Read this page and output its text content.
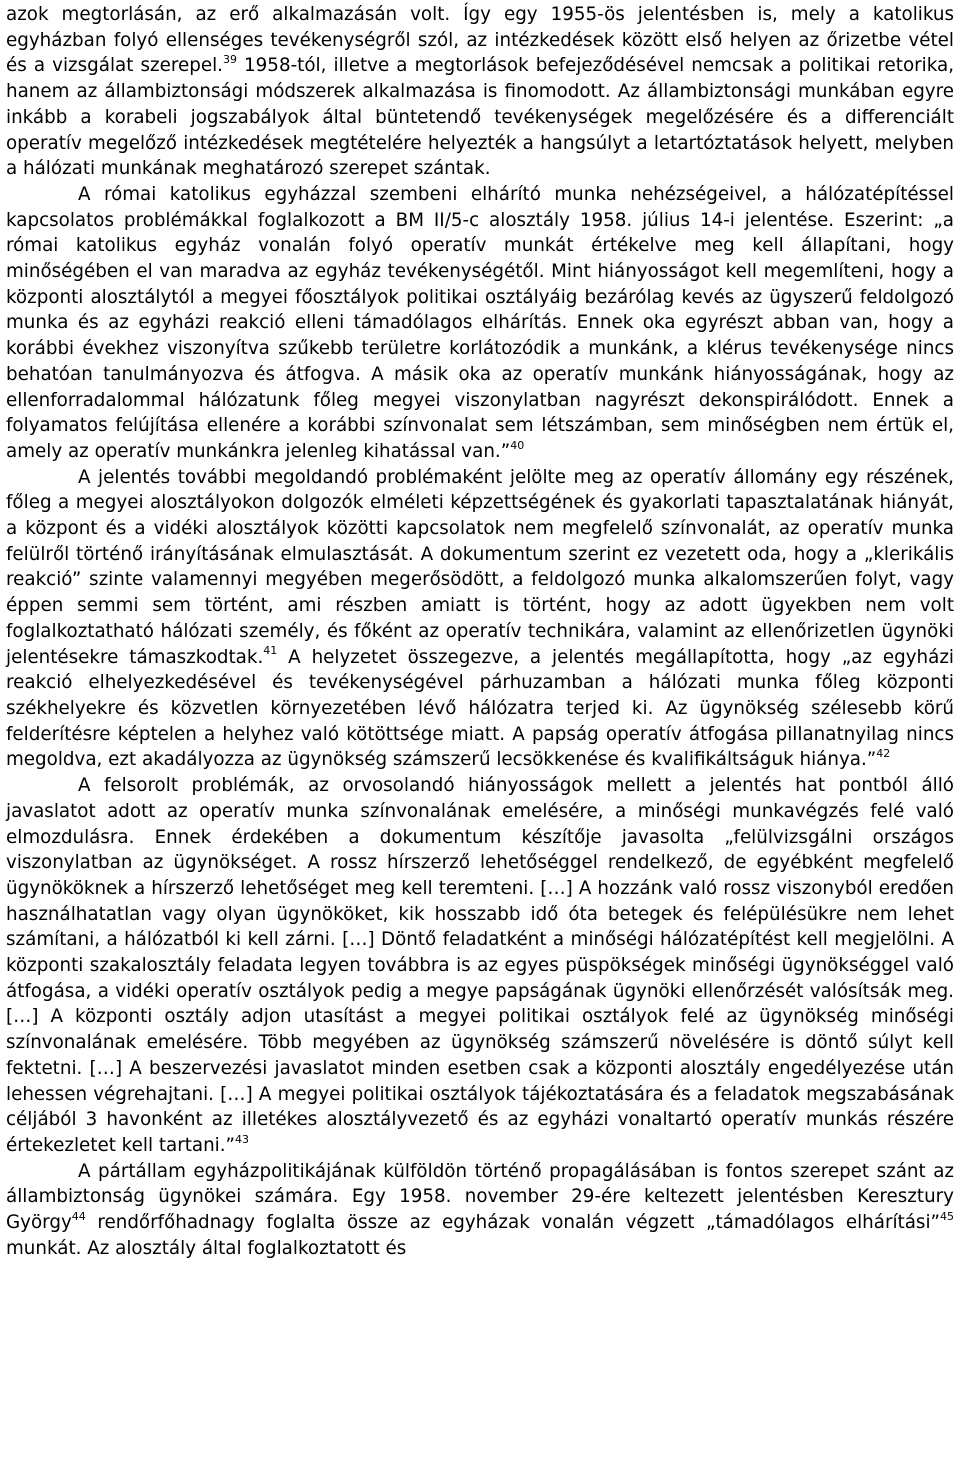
azok megtorlásán, az erő alkalmazásán volt. Így egy 1955-ös jelentésben is, mely a katolikus egyházban folyó ellenséges tevékenységről szól, az intézkedések között első helyen az őrizetbe vétel és a vizsgálat szerepel.$^{39}$ 1958-tól, illetve a megtorlások befejeződésével nemcsak a politikai retorika, hanem az állambiztonsági módszerek alkalmazása is finomodott. Az állambiztonsági munkában egyre inkább a korabeli jogszabályok által büntetendő tevékenységek megelőzésére és a differenciált operatív megelőző intézkedések megtételére helyezték a hangsúlyt a letartóztatások helyett, melyben a hálózati munkának meghatározó szerepet szántak.

A római katolikus egyházzal szembeni elhárító munka nehézségeivel, a hálózatépítéssel kapcsolatos problémákkal foglalkozott a BM II/5-c alosztály 1958. július 14-i jelentése. Eszerint: „a római katolikus egyház vonalán folyó operatív munkát értékelve meg kell állapítani, hogy minőségében el van maradva az egyház tevékenységétől. Mint hiányosságot kell megemlíteni, hogy a központi alosztálytól a megyei főosztályok politikai osztályáig bezárólag kevés az ügyszerű feldolgozó munka és az egyházi reakció elleni támadólagos elhárítás. Ennek oka egyrészt abban van, hogy a korábbi évekhez viszonyítva szűkebb területre korlátozódik a munkánk, a klérus tevékenysége nincs behatóan tanulmányozva és átfogva. A másik oka az operatív munkánk hiányosságának, hogy az ellenforradalommal hálózatunk főleg megyei viszonylatban nagyrészt dekonspirálódott. Ennek a folyamatos felújítása ellenére a korábbi színvonalat sem létszámban, sem minőségben nem értük el, amely az operatív munkánkra jelenleg kihatással van.”$^{40}$

A jelentés további megoldandó problémaként jelölte meg az operatív állomány egy részének, főleg a megyei alosztályokon dolgozók elméleti képzettségének és gyakorlati tapasztalatának hiányát, a központ és a vidéki alosztályok közötti kapcsolatok nem megfelelő színvonalát, az operatív munka felülről történő irányításának elmulasztását. A dokumentum szerint ez vezetett oda, hogy a „klerikális reakció” szinte valamennyi megyében megerősödött, a feldolgozó munka alkalomszerűen folyt, vagy éppen semmi sem történt, ami részben amiatt is történt, hogy az adott ügyekben nem volt foglalkoztatható hálózati személy, és főként az operatív technikára, valamint az ellenőrizetlen ügynöki jelentésekre támaszkodtak.$^{41}$ A helyzetet összegezve, a jelentés megállapította, hogy „az egyházi reakció elhelyezkedésével és tevékenységével párhuzamban a hálózati munka főleg központi székhelyekre és közvetlen környezetében lévő hálózatra terjed ki. Az ügynökség szélesebb körű felderítésre képtelen a helyhez való kötöttsége miatt. A papság operatív átfogása pillanatnyilag nincs megoldva, ezt akadályozza az ügynökség számszerű lecsökkenése és kvalifikáltságuk hiánya.”$^{42}$

A felsorolt problémák, az orvosolandó hiányosságok mellett a jelentés hat pontból álló javaslatot adott az operatív munka színvonalának emelésére, a minőségi munkavégzés felé való elmozdulásra. Ennek érdekében a dokumentum készítője javasolta „felülvizsgálni országos viszonylatban az ügynökséget. A rossz hírszerző lehetőséggel rendelkező, de egyébként megfelelő ügynököknek a hírszerző lehetőséget meg kell teremteni. […] A hozzánk való rossz viszonyból eredően használhatatlan vagy olyan ügynököket, kik hosszabb idő óta betegek és felépülésükre nem lehet számítani, a hálózatból ki kell zárni. […] Döntő feladatként a minőségi hálózatépítést kell megjelölni. A központi szakalosztály feladata legyen továbbra is az egyes püspökségek minőségi ügynökséggel való átfogása, a vidéki operatív osztályok pedig a megye papságának ügynöki ellenőrzését valósítsák meg. […] A központi osztály adjon utasítást a megyei politikai osztályok felé az ügynökség minőségi színvonalának emelésére. Több megyében az ügynökség számszerű növelésére is döntő súlyt kell fektetni. […] A beszervezési javaslatot minden esetben csak a központi alosztály engedélyezése után lehessen végrehajtani. […] A megyei politikai osztályok tájékoztatására és a feladatok megszabásának céljából 3 havonként az illetékes alosztályvezető és az egyházi vonaltartó operatív munkás részére értekezletet kell tartani.”$^{43}$

A pártállam egyházpolitikájának külföldön történő propagálásában is fontos szerepet szánt az állambiztonság ügynökei számára. Egy 1958. november 29-ére keltezett jelentésben Keresztury György$^{44}$ rendőrfőhadnagy foglalta össze az egyházak vonalán végzett „támadólagos elhárítási”$^{45}$ munkát. Az alosztály által foglalkoztatott és
